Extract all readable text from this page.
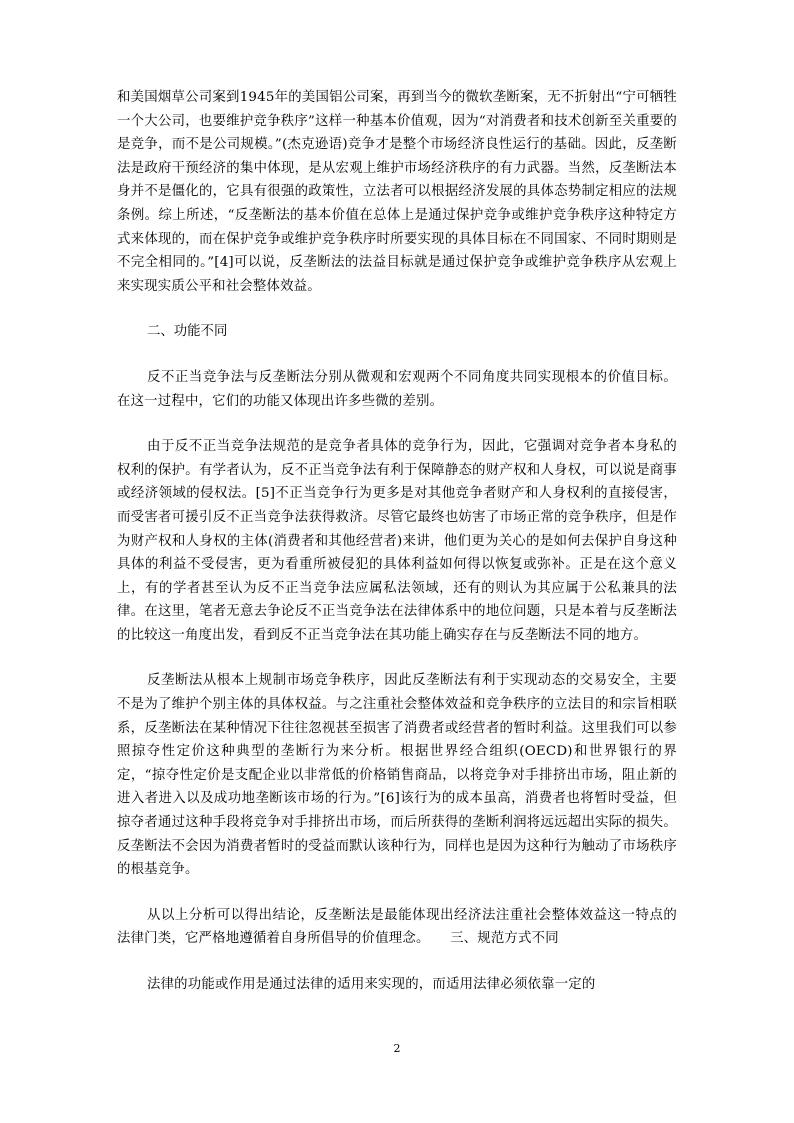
和美国烟草公司案到1945年的美国铝公司案，再到当今的微软垄断案，无不折射出“宁可牺牲一个大公司，也要维护竞争秩序”这样一种基本价值观，因为“对消费者和技术创新至关重要的是竞争，而不是公司规模。”(杰克逊语)竞争才是整个市场经济良性运行的基础。因此，反垄断法是政府干预经济的集中体现，是从宏观上维护市场经济秩序的有力武器。当然，反垄断法本身并不是僵化的，它具有很强的政策性，立法者可以根据经济发展的具体态势制定相应的法规条例。综上所述，“反垄断法的基本价值在总体上是通过保护竞争或维护竞争秩序这种特定方式来体现的，而在保护竞争或维护竞争秩序时所要实现的具体目标在不同国家、不同时期则是不完全相同的。”[4]可以说，反垄断法的法益目标就是通过保护竞争或维护竞争秩序从宏观上来实现实质公平和社会整体效益。

二、功能不同

反不正当竞争法与反垄断法分别从微观和宏观两个不同角度共同实现根本的价值目标。在这一过程中，它们的功能又体现出许多些微的差别。

由于反不正当竞争法规范的是竞争者具体的竞争行为，因此，它强调对竞争者本身私的权利的保护。有学者认为，反不正当竞争法有利于保障静态的财产权和人身权，可以说是商事或经济领域的侵权法。[5]不正当竞争行为更多是对其他竞争者财产和人身权利的直接侵害，而受害者可援引反不正当竞争法获得救济。尽管它最终也妨害了市场正常的竞争秩序，但是作为财产权和人身权的主体(消费者和其他经营者)来讲，他们更为关心的是如何去保护自身这种具体的利益不受侵害，更为看重所被侵犯的具体利益如何得以恢复或弥补。正是在这个意义上，有的学者甚至认为反不正当竞争法应属私法领域，还有的则认为其应属于公私兼具的法律。在这里，笔者无意去争论反不正当竞争法在法律体系中的地位问题，只是本着与反垄断法的比较这一角度出发，看到反不正当竞争法在其功能上确实存在与反垄断法不同的地方。

反垄断法从根本上规制市场竞争秩序，因此反垄断法有利于实现动态的交易安全，主要不是为了维护个别主体的具体权益。与之注重社会整体效益和竞争秩序的立法目的和宗旨相联系，反垄断法在某种情况下往往忽视甚至损害了消费者或经营者的暂时利益。这里我们可以参照掠夺性定价这种典型的垄断行为来分析。根据世界经合组织(OECD)和世界银行的界定，“掠夺性定价是支配企业以非常低的价格销售商品，以将竞争对手排挤出市场，阻止新的进入者进入以及成功地垄断该市场的行为。”[6]该行为的成本虽高，消费者也将暂时受益，但掠夺者通过这种手段将竞争对手排挤出市场，而后所获得的垄断利润将远远超出实际的损失。反垄断法不会因为消费者暂时的受益而默认该种行为，同样也是因为这种行为触动了市场秩序的根基竞争。

从以上分析可以得出结论，反垄断法是最能体现出经济法注重社会整体效益这一特点的法律门类，它严格地遵循着自身所倡导的价值理念。　　三、规范方式不同

法律的功能或作用是通过法律的适用来实现的，而适用法律必须依靠一定的

2
